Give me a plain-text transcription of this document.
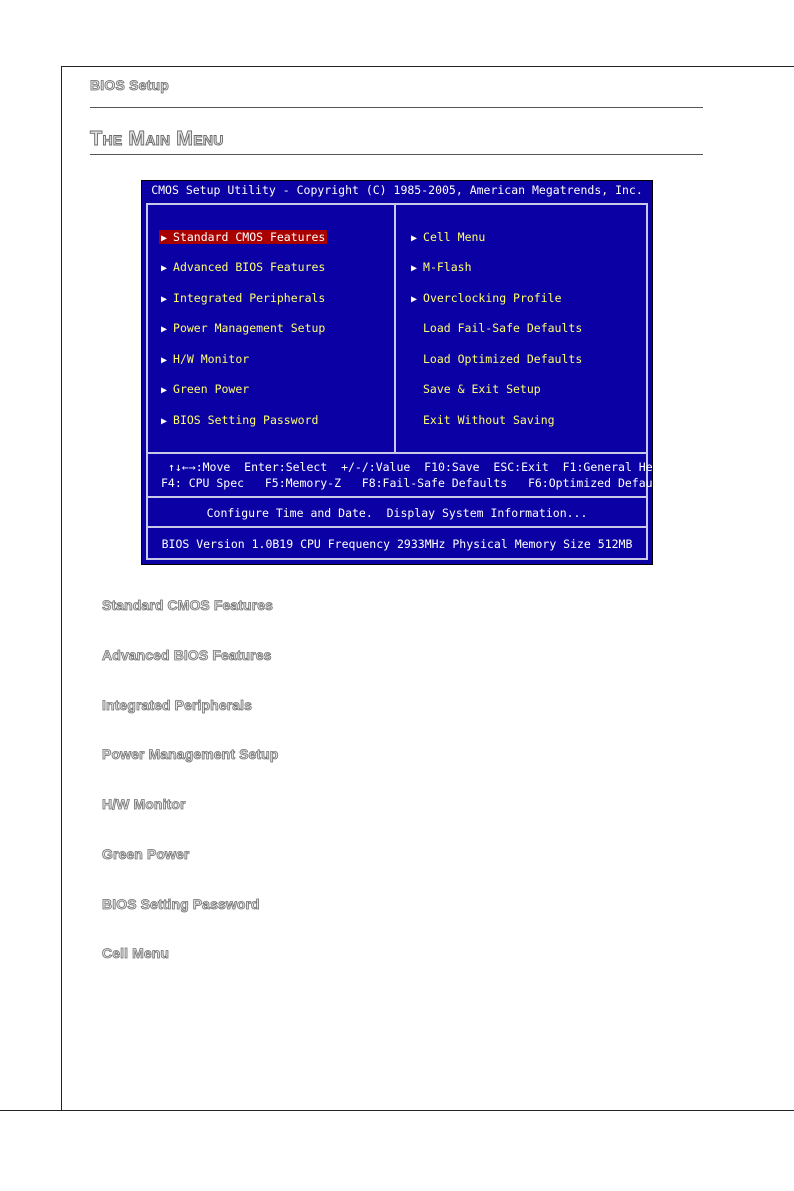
BIOS Setup
The Main Menu
CMOS Setup Utility - Copyright (C) 1985-2005, American Megatrends, Inc.
▶ Standard CMOS Features
▶ Advanced BIOS Features
▶ Integrated Peripherals
▶ Power Management Setup
▶ H/W Monitor
▶ Green Power
▶ BIOS Setting Password
▶ Cell Menu
▶ M-Flash
▶ Overclocking Profile
Load Fail-Safe Defaults
Load Optimized Defaults
Save & Exit Setup
Exit Without Saving
↑↓←→:Move  Enter:Select  +/-/:Value  F10:Save  ESC:Exit  F1:General Help
F4: CPU Spec   F5:Memory-Z   F8:Fail-Safe Defaults   F6:Optimized Defaults
Configure Time and Date.  Display System Information...
BIOS Version 1.0B19 CPU Frequency 2933MHz Physical Memory Size 512MB
Standard CMOS Features
Advanced BIOS Features
Integrated Peripherals
Power Management Setup
H/W Monitor
Green Power
BIOS Setting Password
Cell Menu
